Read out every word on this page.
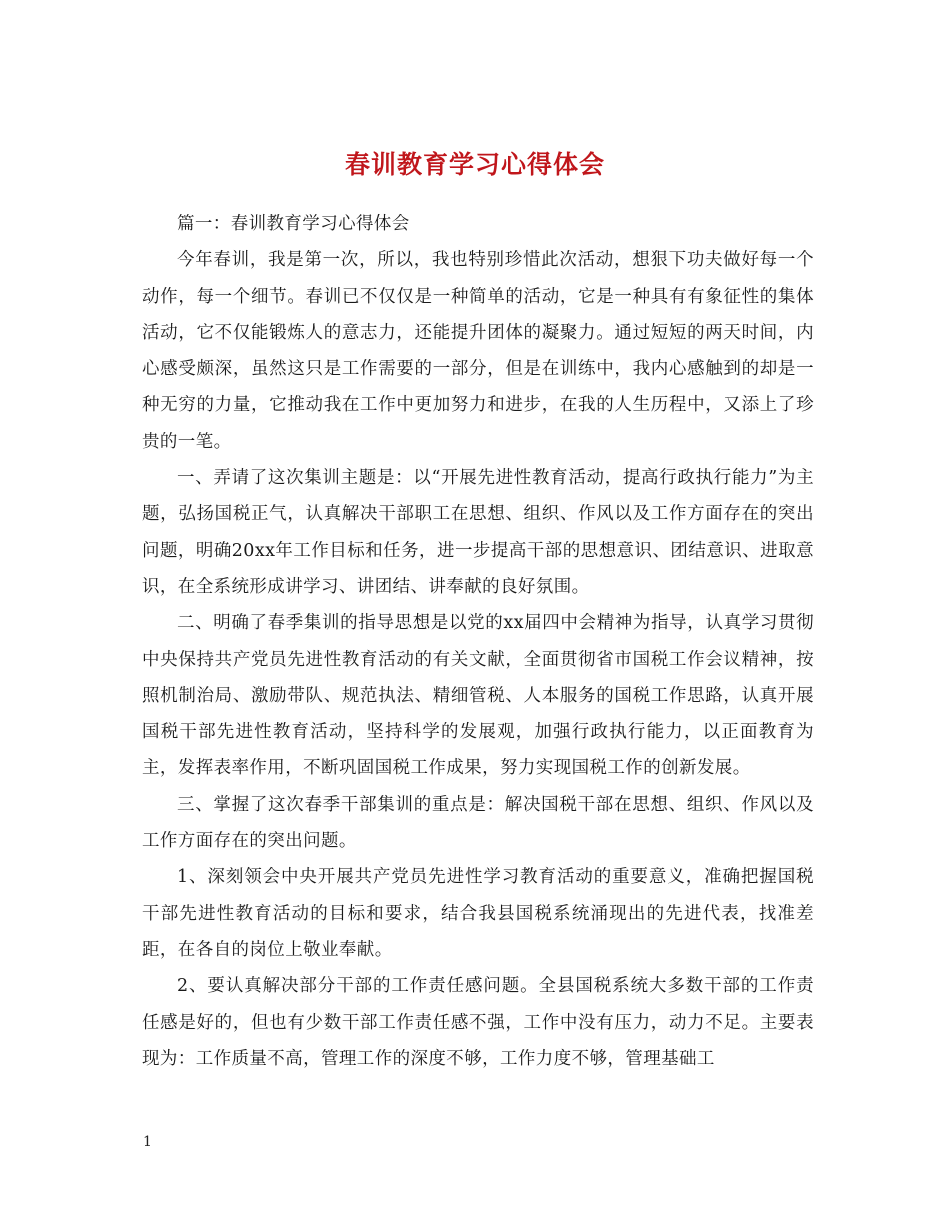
春训教育学习心得体会

篇一：春训教育学习心得体会

今年春训，我是第一次，所以，我也特别珍惜此次活动，想狠下功夫做好每一个动作，每一个细节。春训已不仅仅是一种简单的活动，它是一种具有有象征性的集体活动，它不仅能锻炼人的意志力，还能提升团体的凝聚力。通过短短的两天时间，内心感受颇深，虽然这只是工作需要的一部分，但是在训练中，我内心感触到的却是一种无穷的力量，它推动我在工作中更加努力和进步，在我的人生历程中，又添上了珍贵的一笔。

一、弄请了这次集训主题是：以“开展先进性教育活动，提高行政执行能力”为主题，弘扬国税正气，认真解决干部职工在思想、组织、作风以及工作方面存在的突出问题，明确20xx年工作目标和任务，进一步提高干部的思想意识、团结意识、进取意识，在全系统形成讲学习、讲团结、讲奉献的良好氛围。

二、明确了春季集训的指导思想是以党的xx届四中会精神为指导，认真学习贯彻中央保持共产党员先进性教育活动的有关文献，全面贯彻省市国税工作会议精神，按照机制治局、激励带队、规范执法、精细管税、人本服务的国税工作思路，认真开展国税干部先进性教育活动，坚持科学的发展观，加强行政执行能力，以正面教育为主，发挥表率作用，不断巩固国税工作成果，努力实现国税工作的创新发展。

三、掌握了这次春季干部集训的重点是：解决国税干部在思想、组织、作风以及工作方面存在的突出问题。

1、深刻领会中央开展共产党员先进性学习教育活动的重要意义，准确把握国税干部先进性教育活动的目标和要求，结合我县国税系统涌现出的先进代表，找准差距，在各自的岗位上敬业奉献。

2、要认真解决部分干部的工作责任感问题。全县国税系统大多数干部的工作责任感是好的，但也有少数干部工作责任感不强，工作中没有压力，动力不足。主要表现为：工作质量不高，管理工作的深度不够，工作力度不够，管理基础工

1
